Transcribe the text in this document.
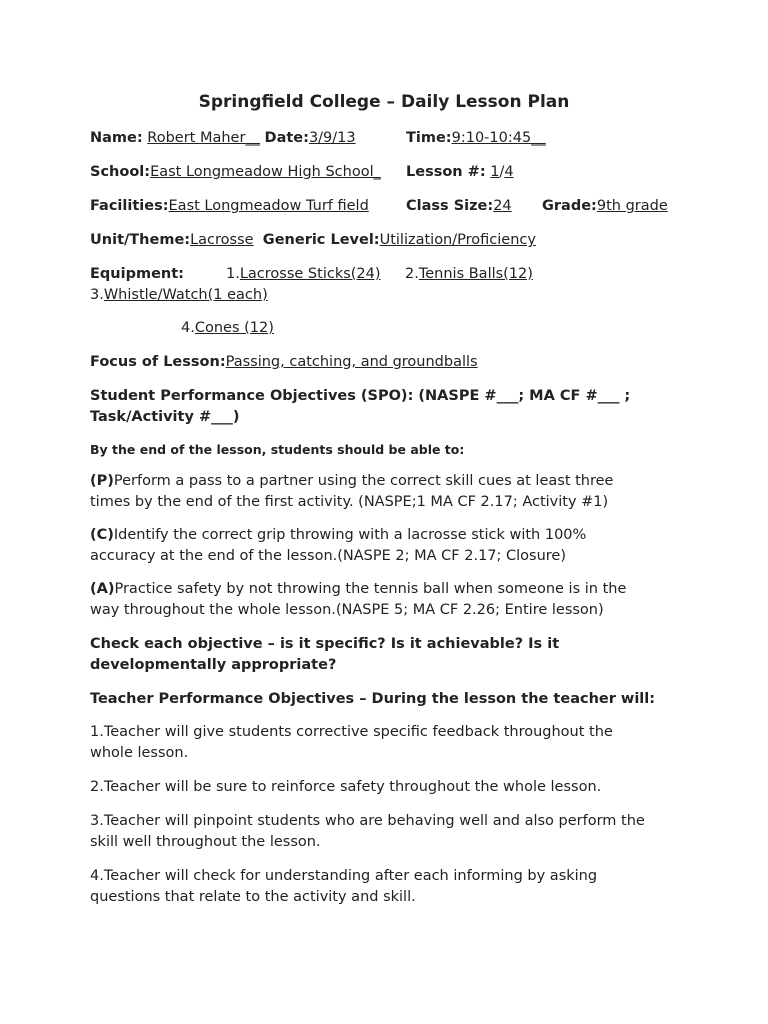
Springfield College – Daily Lesson Plan
Name: Robert Maher__ Date:3/9/13	Time:9:10-10:45__
School:East Longmeadow High School_ Lesson #: 1/4
Facilities:East Longmeadow Turf field	Class Size:24 Grade:9th grade
Unit/Theme:Lacrosse Generic Level:Utilization/Proficiency
Equipment:	1.Lacrosse Sticks(24) 2.Tennis Balls(12)
3.Whistle/Watch(1 each)
4.Cones (12)
Focus of Lesson:Passing, catching, and groundballs
Student Performance Objectives (SPO): (NASPE #___; MA CF #___ ;
Task/Activity #___)
By the end of the lesson, students should be able to:
(P)Perform a pass to a partner using the correct skill cues at least three
times by the end of the first activity. (NASPE;1 MA CF 2.17; Activity #1)
(C)Identify the correct grip throwing with a lacrosse stick with 100%
accuracy at the end of the lesson.(NASPE 2; MA CF 2.17; Closure)
(A)Practice safety by not throwing the tennis ball when someone is in the
way throughout the whole lesson.(NASPE 5; MA CF 2.26; Entire lesson)
Check each objective – is it specific? Is it achievable? Is it
developmentally appropriate?
Teacher Performance Objectives – During the lesson the teacher will:
1.Teacher will give students corrective specific feedback throughout the
whole lesson.
2.Teacher will be sure to reinforce safety throughout the whole lesson.
3.Teacher will pinpoint students who are behaving well and also perform the
skill well throughout the lesson.
4.Teacher will check for understanding after each informing by asking
questions that relate to the activity and skill.
